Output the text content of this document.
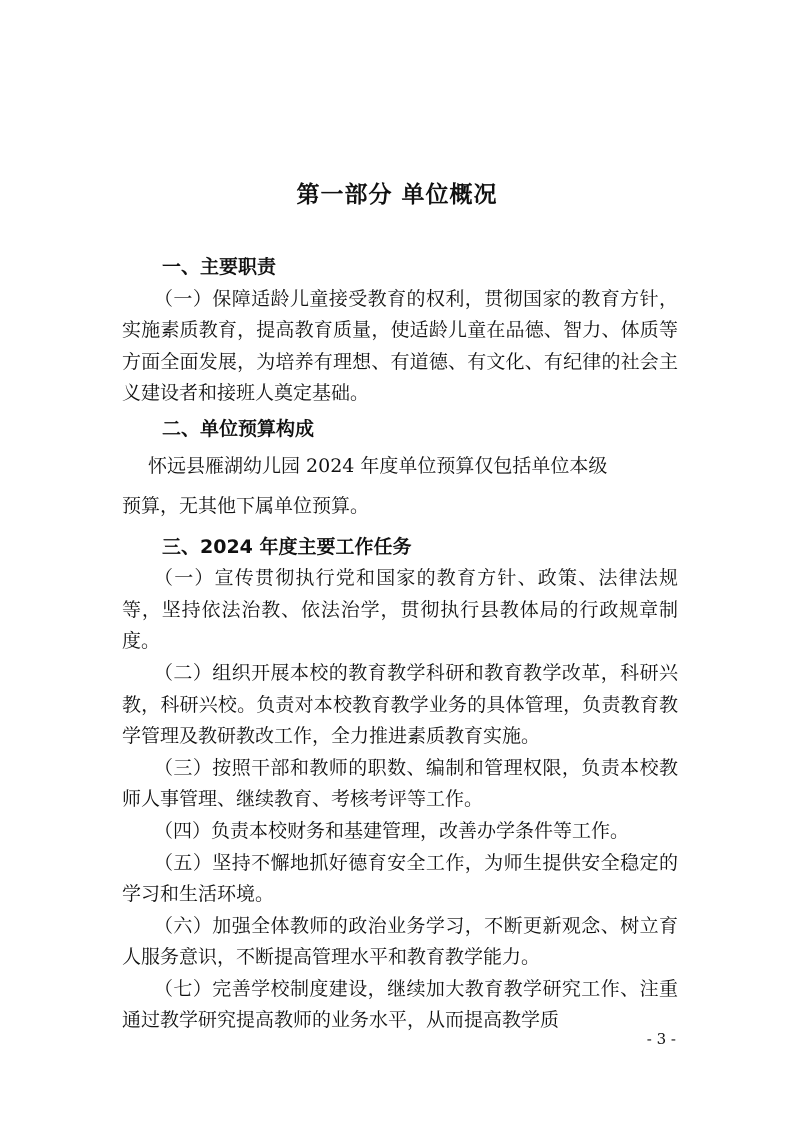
第一部分 单位概况

一、主要职责

（一）保障适龄儿童接受教育的权利，贯彻国家的教育方针，实施素质教育，提高教育质量，使适龄儿童在品德、智力、体质等方面全面发展，为培养有理想、有道德、有文化、有纪律的社会主义建设者和接班人奠定基础。

二、单位预算构成

怀远县雁湖幼儿园 2024 年度单位预算仅包括单位本级
预算，无其他下属单位预算。

三、2024 年度主要工作任务

（一）宣传贯彻执行党和国家的教育方针、政策、法律法规等，坚持依法治教、依法治学，贯彻执行县教体局的行政规章制度。

（二）组织开展本校的教育教学科研和教育教学改革，科研兴教，科研兴校。负责对本校教育教学业务的具体管理，负责教育教学管理及教研教改工作，全力推进素质教育实施。

（三）按照干部和教师的职数、编制和管理权限，负责本校教师人事管理、继续教育、考核考评等工作。

（四）负责本校财务和基建管理，改善办学条件等工作。

（五）坚持不懈地抓好德育安全工作，为师生提供安全稳定的学习和生活环境。

（六）加强全体教师的政治业务学习，不断更新观念、树立育人服务意识，不断提高管理水平和教育教学能力。

（七）完善学校制度建设，继续加大教育教学研究工作、注重通过教学研究提高教师的业务水平，从而提高教学质

- 3 -
